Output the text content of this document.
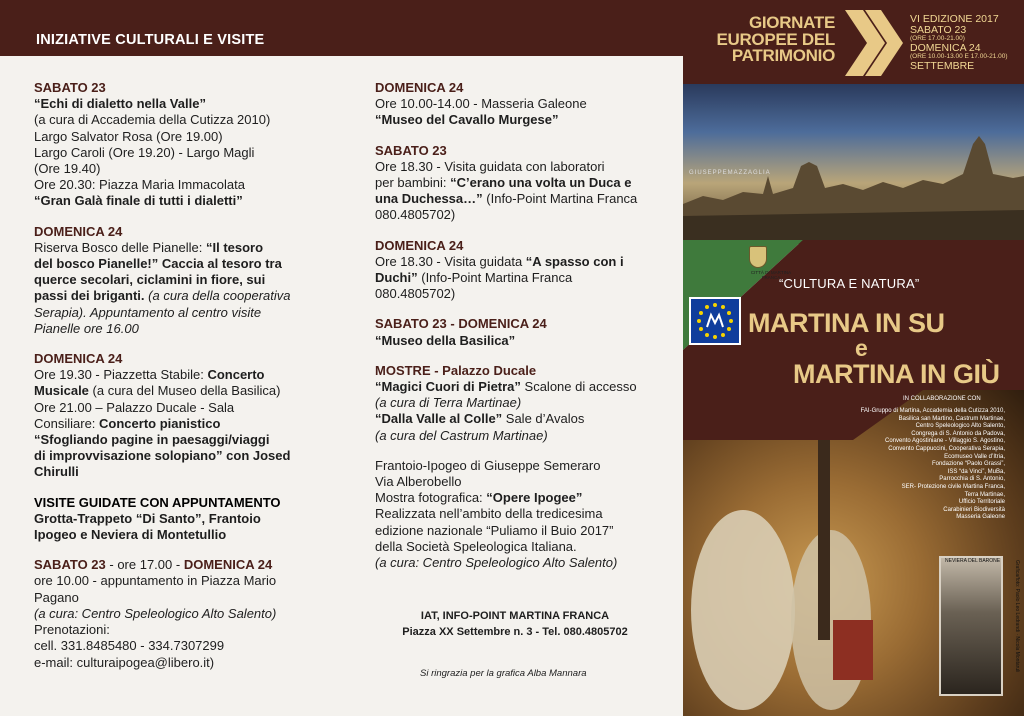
INIZIATIVE CULTURALI E VISITE
SABATO 23
“Echi di dialetto nella Valle”
(a cura di Accademia della Cutizza 2010)
Largo Salvator Rosa (Ore 19.00)
Largo Caroli (Ore 19.20) - Largo Magli
(Ore 19.40)
Ore 20.30: Piazza Maria Immacolata
“Gran Galà finale di tutti i dialetti”
DOMENICA 24
Riserva Bosco delle Pianelle: “Il tesoro
del bosco Pianelle!” Caccia al tesoro tra
querce secolari, ciclamini in fiore, sui
passi dei briganti. (a cura della cooperativa
Serapia). Appuntamento al centro visite
Pianelle ore 16.00
DOMENICA 24
Ore 19.30 - Piazzetta Stabile: Concerto
Musicale (a cura del Museo della Basilica)
Ore 21.00 – Palazzo Ducale - Sala
Consiliare: Concerto pianistico
“Sfogliando pagine in paesaggi/viaggi
di improvvisazione solopiano” con Josed
Chirulli
VISITE GUIDATE CON APPUNTAMENTO
Grotta-Trappeto “Di Santo”, Frantoio
Ipogeo e Neviera di Montetullio
SABATO 23 - ore 17.00 - DOMENICA 24
ore 10.00 - appuntamento in Piazza Mario
Pagano
(a cura: Centro Speleologico Alto Salento)
Prenotazioni:
cell. 331.8485480 - 334.7307299
e-mail: culturaipogea@libero.it)
DOMENICA 24
Ore 10.00-14.00 - Masseria Galeone
“Museo del Cavallo Murgese”
SABATO 23
Ore 18.30 - Visita guidata con laboratori
per bambini: “C’erano una volta un Duca e
una Duchessa…” (Info-Point Martina Franca
080.4805702)
DOMENICA 24
Ore 18.30 - Visita guidata “A spasso con i
Duchi” (Info-Point Martina Franca
080.4805702)
SABATO 23 - DOMENICA 24
“Museo della Basilica”
MOSTRE - Palazzo Ducale
“Magici Cuori di Pietra” Scalone di accesso
(a cura di Terra Martinae)
“Dalla Valle al Colle” Sale d’Avalos
(a cura del Castrum Martinae)
Frantoio-Ipogeo di Giuseppe Semeraro
Via Alberobello
Mostra fotografica: “Opere Ipogee”
Realizzata nell’ambito della tredicesima
edizione nazionale “Puliamo il Buio 2017”
della Società Speleologica Italiana.
(a cura: Centro Speleologico Alto Salento)
IAT, INFO-POINT MARTINA FRANCA
Piazza XX Settembre n. 3 - Tel. 080.4805702
Si ringrazia per la grafica Alba Mannara
GIORNATE
EUROPEE DEL
PATRIMONIO
VI EDIZIONE 2017
SABATO 23
(ORE 17.00-21.00)
DOMENICA 24
(ORE 10.00-13.00 E 17.00-21.00)
SETTEMBRE
GIUSEPPEMAZZAGLIA
CITTÀ DI MARTINA FRANCA
“CULTURA E NATURA”
MARTINA IN SU
e
MARTINA IN GIÙ
IN COLLABORAZIONE CON
FAI-Gruppo di Martina, Accademia della Cutizza 2010,
Basilica san Martino, Castrum Martinae,
Centro Speleologico Alto Salento,
Congrega di S. Antonio da Padova,
Convento Agostiniane - Villaggio S. Agostino,
Convento Cappuccini, Cooperativa Serapia,
Ecomuseo Valle d’Itria,
Fondazione “Paolo Grassi”,
ISS “da Vinci”, MuBa,
Parrocchia di S. Antonio,
SER- Protezione civile Martina Franca,
Terra Martinae,
Ufficio Territoriale
Carabinieri Biodiversità
Masseria Galeone
NEVIERA DEL BARONE	Grafica/foto: Paolo Leo Ledrandi · Nicola Montaruli
